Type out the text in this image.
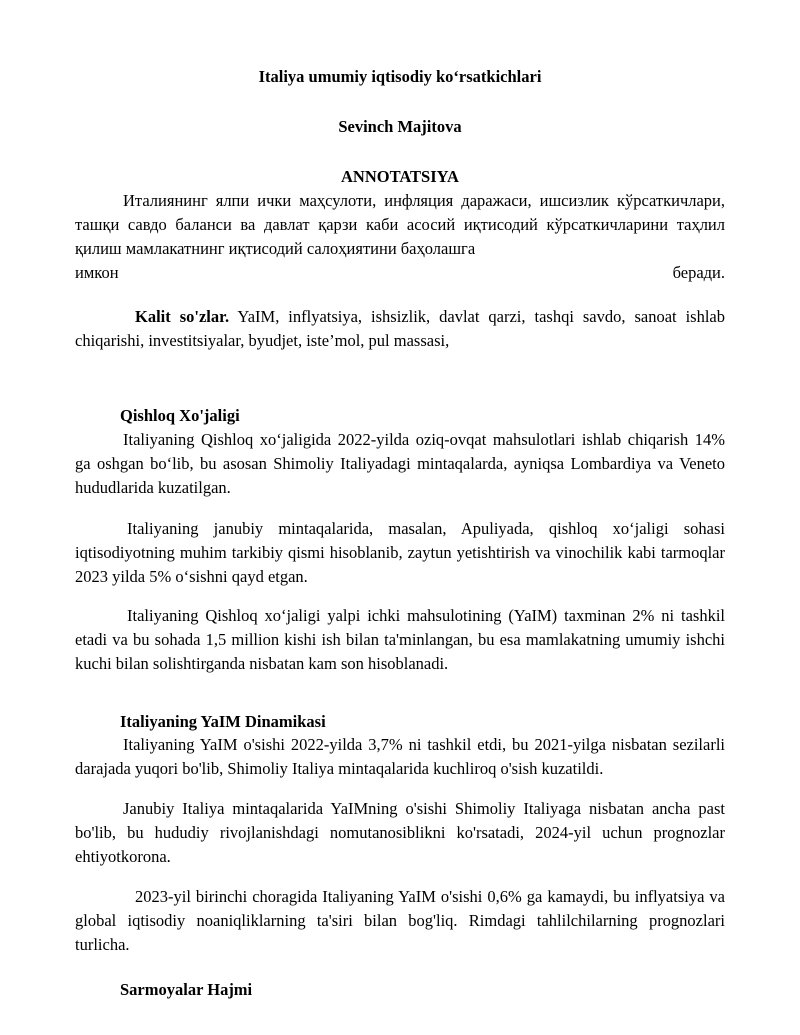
Italiya umumiy iqtisodiy koʻrsatkichlari

Sevinch Majitova

ANNOTATSIYA

Италиянинг ялпи ички маҳсулоти, инфляция даражаси, ишсизлик кўрсаткичлари, ташқи савдо баланси ва давлат қарзи каби асосий иқтисодий кўрсаткичларини таҳлил қилиш мамлакатнинг иқтисодий салоҳиятини баҳолашга

имкон	беради.

Kalit so'zlar. YaIM, inflyatsiya, ishsizlik, davlat qarzi, tashqi savdo, sanoat ishlab chiqarishi, investitsiyalar, byudjet, iste’mol, pul massasi,

Qishloq Xo'jaligi

Italiyaning Qishloq xoʻjaligida 2022-yilda oziq-ovqat mahsulotlari ishlab chiqarish 14% ga oshgan boʻlib, bu asosan Shimoliy Italiyadagi mintaqalarda, ayniqsa Lombardiya va Veneto hududlarida kuzatilgan.

Italiyaning janubiy mintaqalarida, masalan, Apuliyada, qishloq xoʻjaligi sohasi iqtisodiyotning muhim tarkibiy qismi hisoblanib, zaytun yetishtirish va vinochilik kabi tarmoqlar 2023 yilda 5% oʻsishni qayd etgan.

Italiyaning Qishloq xoʻjaligi yalpi ichki mahsulotining (YaIM) taxminan 2% ni tashkil etadi va bu sohada 1,5 million kishi ish bilan ta'minlangan, bu esa mamlakatning umumiy ishchi kuchi bilan solishtirganda nisbatan kam son hisoblanadi.

Italiyaning YaIM Dinamikasi

Italiyaning YaIM o'sishi 2022-yilda 3,7% ni tashkil etdi, bu 2021-yilga nisbatan sezilarli darajada yuqori bo'lib, Shimoliy Italiya mintaqalarida kuchliroq o'sish kuzatildi.

Janubiy Italiya mintaqalarida YaIMning o'sishi Shimoliy Italiyaga nisbatan ancha past bo'lib, bu hududiy rivojlanishdagi nomutanosiblikni ko'rsatadi, 2024-yil uchun prognozlar ehtiyotkorona.

2023-yil birinchi choragida Italiyaning YaIM o'sishi 0,6% ga kamaydi, bu inflyatsiya va global iqtisodiy noaniqliklarning ta'siri bilan bog'liq. Rimdagi tahlilchilarning prognozlari turlicha.

Sarmoyalar Hajmi
